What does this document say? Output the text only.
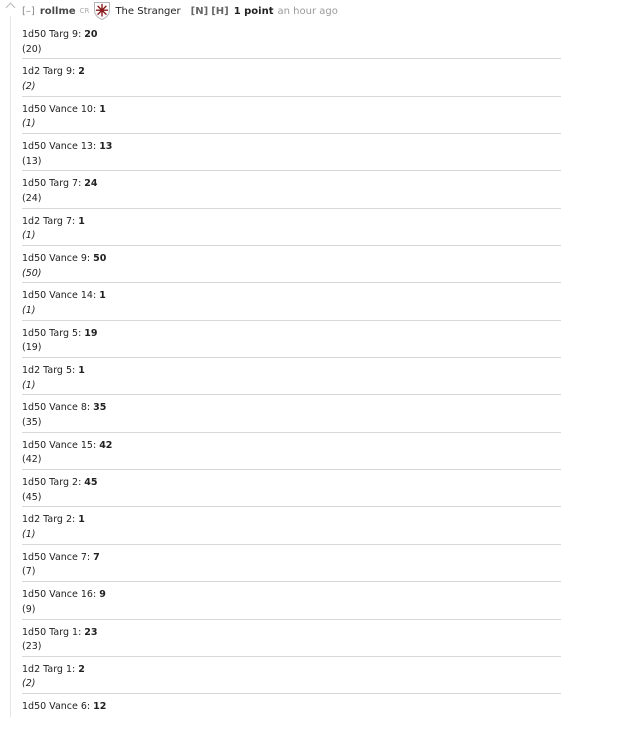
[–] rollme CR	The Stranger [N] [H] 1 point an hour ago
1d50 Targ 9: 20
(20)
1d2 Targ 9: 2
(2)
1d50 Vance 10: 1
(1)
1d50 Vance 13: 13
(13)
1d50 Targ 7: 24
(24)
1d2 Targ 7: 1
(1)
1d50 Vance 9: 50
(50)
1d50 Vance 14: 1
(1)
1d50 Targ 5: 19
(19)
1d2 Targ 5: 1
(1)
1d50 Vance 8: 35
(35)
1d50 Vance 15: 42
(42)
1d50 Targ 2: 45
(45)
1d2 Targ 2: 1
(1)
1d50 Vance 7: 7
(7)
1d50 Vance 16: 9
(9)
1d50 Targ 1: 23
(23)
1d2 Targ 1: 2
(2)
1d50 Vance 6: 12
